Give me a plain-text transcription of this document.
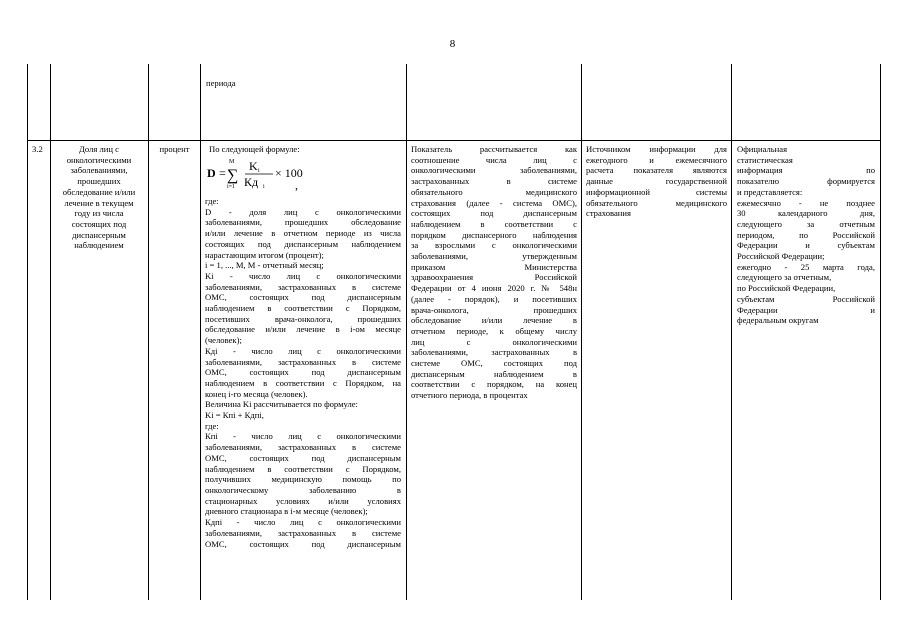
8
периода
3.2	Доля лиц с

онкологическими

заболеваниями,

прошедших

обследование и/или

лечение в текущем

году из числа

состоящих под

диспансерным

наблюдением

процент	По следующей формуле:
D =
M
∑
i=1
K i
Кд i
× 100
,

где:

D - доля лиц с онкологическими

заболеваниями, прошедших обследование

и/или лечение в отчетном периоде из числа

состоящих под диспансерным наблюдением

нарастающим итогом (процент);

i = 1, ..., M, M - отчетный месяц;

Ki - число лиц с онкологическими

заболеваниями, застрахованных в системе

ОМС, состоящих под диспансерным

наблюдением в соответствии с Порядком,

посетивших врача-онколога, прошедших

обследование и/или лечение в i-ом месяце

(человек);

Кдi - число лиц с онкологическими

заболеваниями, застрахованных в системе

ОМС, состоящих под диспансерным

наблюдением в соответствии с Порядком, на

конец i-го месяца (человек).

Величина Ki рассчитывается по формуле:

Ki = Кпi + Кдпi,

где:

Кпi - число лиц с онкологическими

заболеваниями, застрахованных в системе

ОМС, состоящих под диспансерным

наблюдением в соответствии с Порядком,

получивших медицинскую помощь по

онкологическому заболеванию в

стационарных условиях и/или условиях

дневного стационара в i-м месяце (человек);

Кдпi - число лиц с онкологическими

заболеваниями, застрахованных в системе

ОМС, состоящих под диспансерным

Показатель рассчитывается как

соотношение числа лиц с

онкологическими заболеваниями,

застрахованных в системе

обязательного медицинского

страхования (далее - система ОМС),

состоящих под диспансерным

наблюдением в соответствии с

порядком диспансерного наблюдения

за взрослыми с онкологическими

заболеваниями, утвержденным

приказом Министерства

здравоохранения Российской

Федерации от 4 июня 2020 г. № 548н

(далее - порядок), и посетивших

врача-онколога, прошедших

обследование и/или лечение в

отчетном периоде, к общему числу

лиц с онкологическими

заболеваниями, застрахованных в

системе ОМС, состоящих под

диспансерным наблюдением в

соответствии с порядком, на конец

отчетного периода, в процентах

Источником информации для

ежегодного и ежемесячного

расчета показателя являются

данные государственной

информационной системы

обязательного медицинского

страхования

Официальная

статистическая

информация по

показателю формируется

и представляется:

ежемесячно - не позднее

30 календарного дня,

следующего за отчетным

периодом, по Российской

Федерации и субъектам

Российской Федерации;

ежегодно - 25 марта года,

следующего за отчетным,

по Российской Федерации,

субъектам Российской

Федерации и

федеральным округам
